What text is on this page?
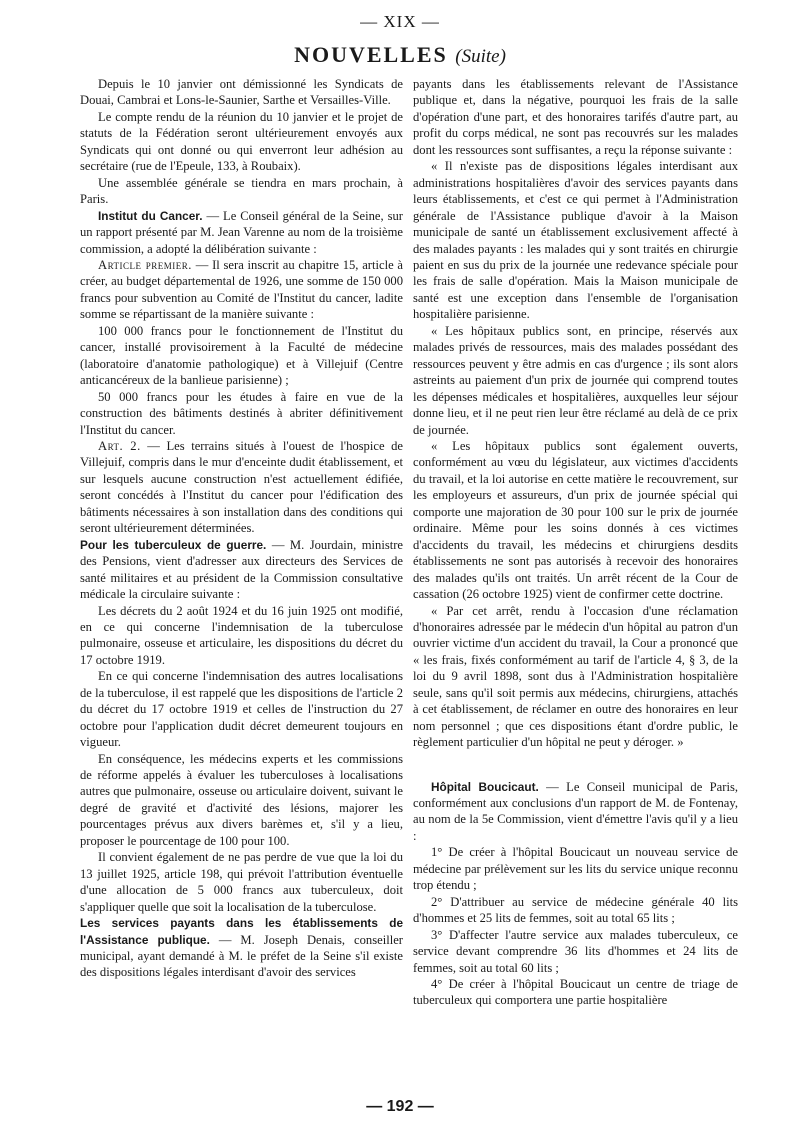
— XIX —
NOUVELLES (Suite)

Depuis le 10 janvier ont démissionné les Syndicats de Douai, Cambrai et Lons-le-Saunier, Sarthe et Versailles-Ville.

Le compte rendu de la réunion du 10 janvier et le projet de statuts de la Fédération seront ultérieurement envoyés aux Syndicats qui ont donné ou qui enverront leur adhésion au secrétaire (rue de l'Epeule, 133, à Roubaix).

Une assemblée générale se tiendra en mars prochain, à Paris.

Institut du Cancer. — Le Conseil général de la Seine, sur un rapport présenté par M. Jean Varenne au nom de la troisième commission, a adopté la délibération suivante :

Article premier. — Il sera inscrit au chapitre 15, article à créer, au budget départemental de 1926, une somme de 150 000 francs pour subvention au Comité de l'Institut du cancer, ladite somme se répartissant de la manière suivante :

100 000 francs pour le fonctionnement de l'Institut du cancer, installé provisoirement à la Faculté de médecine (laboratoire d'anatomie pathologique) et à Villejuif (Centre anticancéreux de la banlieue parisienne) ;

50 000 francs pour les études à faire en vue de la construction des bâtiments destinés à abriter définitivement l'Institut du cancer.

Art. 2. — Les terrains situés à l'ouest de l'hospice de Villejuif, compris dans le mur d'enceinte dudit établissement, et sur lesquels aucune construction n'est actuellement édifiée, seront concédés à l'Institut du cancer pour l'édification des bâtiments nécessaires à son installation dans des conditions qui seront ultérieurement déterminées.

Pour les tuberculeux de guerre. — M. Jourdain, ministre des Pensions, vient d'adresser aux directeurs des Services de santé militaires et au président de la Commission consultative médicale la circulaire suivante :

Les décrets du 2 août 1924 et du 16 juin 1925 ont modifié, en ce qui concerne l'indemnisation de la tuberculose pulmonaire, osseuse et articulaire, les dispositions du décret du 17 octobre 1919.

En ce qui concerne l'indemnisation des autres localisations de la tuberculose, il est rappelé que les dispositions de l'article 2 du décret du 17 octobre 1919 et celles de l'instruction du 27 octobre pour l'application dudit décret demeurent toujours en vigueur.

En conséquence, les médecins experts et les commissions de réforme appelés à évaluer les tuberculoses à localisations autres que pulmonaire, osseuse ou articulaire doivent, suivant le degré de gravité et d'activité des lésions, majorer les pourcentages prévus aux divers barèmes et, s'il y a lieu, proposer le pourcentage de 100 pour 100.

Il convient également de ne pas perdre de vue que la loi du 13 juillet 1925, article 198, qui prévoit l'attribution éventuelle d'une allocation de 5 000 francs aux tuberculeux, doit s'appliquer quelle que soit la localisation de la tuberculose.

Les services payants dans les établissements de l'Assistance publique. — M. Joseph Denais, conseiller municipal, ayant demandé à M. le préfet de la Seine s'il existe des dispositions légales interdisant d'avoir des services

payants dans les établissements relevant de l'Assistance publique et, dans la négative, pourquoi les frais de la salle d'opération d'une part, et des honoraires tarifés d'autre part, au profit du corps médical, ne sont pas recouvrés sur les malades dont les ressources sont suffisantes, a reçu la réponse suivante :

« Il n'existe pas de dispositions légales interdisant aux administrations hospitalières d'avoir des services payants dans leurs établissements, et c'est ce qui permet à l'Administration générale de l'Assistance publique d'avoir à la Maison municipale de santé un établissement exclusivement affecté à des malades payants : les malades qui y sont traités en chirurgie paient en sus du prix de la journée une redevance spéciale pour les frais de salle d'opération. Mais la Maison municipale de santé est une exception dans l'ensemble de l'organisation hospitalière parisienne.

« Les hôpitaux publics sont, en principe, réservés aux malades privés de ressources, mais des malades possédant des ressources peuvent y être admis en cas d'urgence ; ils sont alors astreints au paiement d'un prix de journée qui comprend toutes les dépenses médicales et hospitalières, auxquelles leur séjour donne lieu, et il ne peut rien leur être réclamé au delà de ce prix de journée.

« Les hôpitaux publics sont également ouverts, conformément au vœu du législateur, aux victimes d'accidents du travail, et la loi autorise en cette matière le recouvrement, sur les employeurs et assureurs, d'un prix de journée spécial qui comporte une majoration de 30 pour 100 sur le prix de journée ordinaire. Même pour les soins donnés à ces victimes d'accidents du travail, les médecins et chirurgiens desdits établissements ne sont pas autorisés à recevoir des honoraires des malades qu'ils ont traités. Un arrêt récent de la Cour de cassation (26 octobre 1925) vient de confirmer cette doctrine.

« Par cet arrêt, rendu à l'occasion d'une réclamation d'honoraires adressée par le médecin d'un hôpital au patron d'un ouvrier victime d'un accident du travail, la Cour a prononcé que « les frais, fixés conformément au tarif de l'article 4, § 3, de la loi du 9 avril 1898, sont dus à l'Administration hospitalière seule, sans qu'il soit permis aux médecins, chirurgiens, attachés à cet établissement, de réclamer en outre des honoraires en leur nom personnel ; que ces dispositions étant d'ordre public, le règlement particulier d'un hôpital ne peut y déroger. »

Hôpital Boucicaut. — Le Conseil municipal de Paris, conformément aux conclusions d'un rapport de M. de Fontenay, au nom de la 5e Commission, vient d'émettre l'avis qu'il y a lieu :

1° De créer à l'hôpital Boucicaut un nouveau service de médecine par prélèvement sur les lits du service unique reconnu trop étendu ;

2° D'attribuer au service de médecine générale 40 lits d'hommes et 25 lits de femmes, soit au total 65 lits ;

3° D'affecter l'autre service aux malades tuberculeux, ce service devant comprendre 36 lits d'hommes et 24 lits de femmes, soit au total 60 lits ;

4° De créer à l'hôpital Boucicaut un centre de triage de tuberculeux qui comportera une partie hospitalière

— 192 —
